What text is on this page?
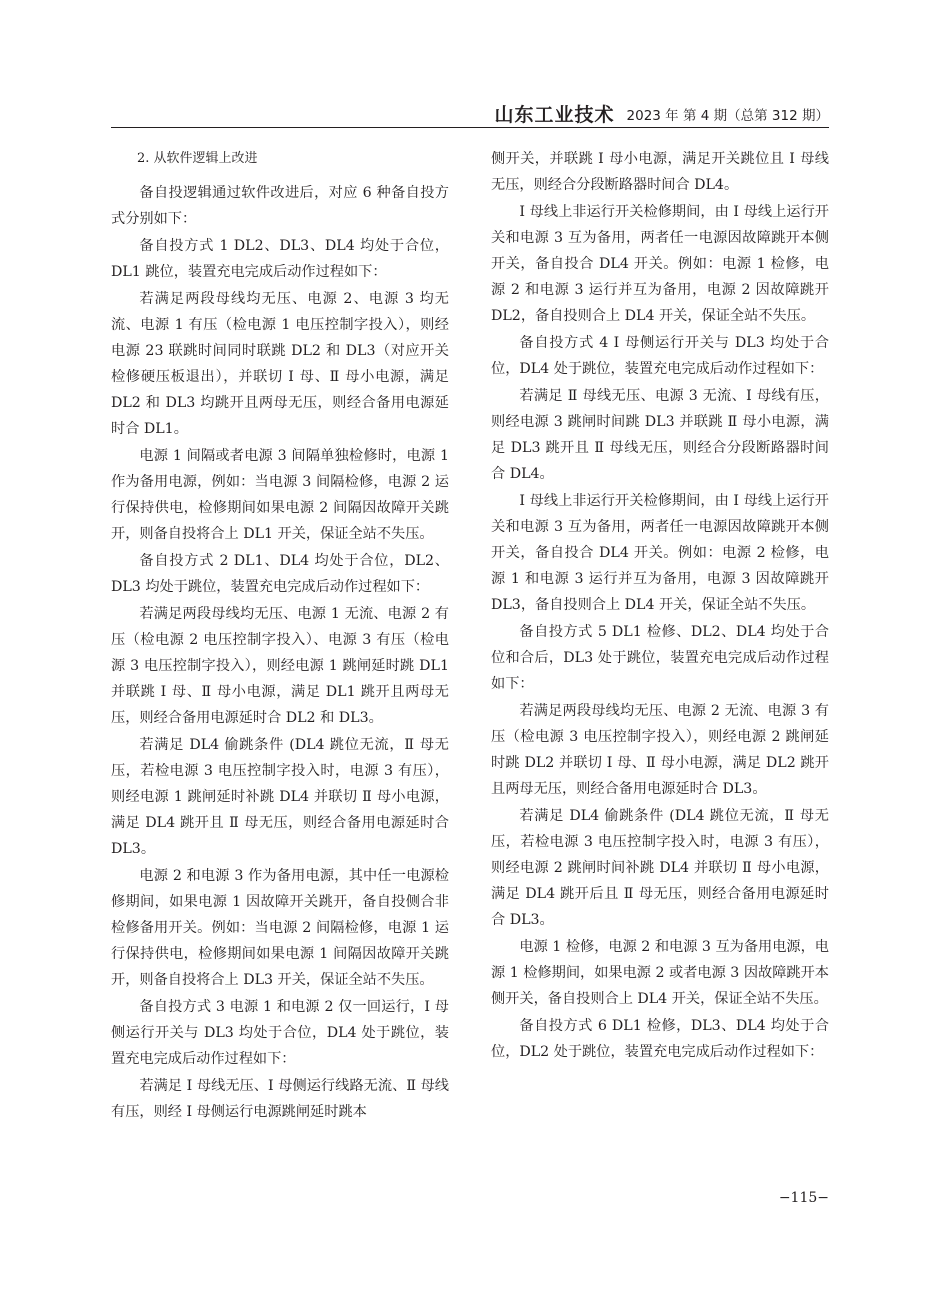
山东工业技术 2023 年 第 4 期（总第 312 期）

2. 从软件逻辑上改进

备自投逻辑通过软件改进后，对应 6 种备自投方式分别如下：

备自投方式 1 DL2、DL3、DL4 均处于合位，DL1 跳位，装置充电完成后动作过程如下：

若满足两段母线均无压、电源 2、电源 3 均无流、电源 1 有压（检电源 1 电压控制字投入），则经电源 23 联跳时间同时联跳 DL2 和 DL3（对应开关检修硬压板退出），并联切 Ⅰ 母、Ⅱ 母小电源，满足 DL2 和 DL3 均跳开且两母无压，则经合备用电源延时合 DL1。

电源 1 间隔或者电源 3 间隔单独检修时，电源 1 作为备用电源，例如：当电源 3 间隔检修，电源 2 运行保持供电，检修期间如果电源 2 间隔因故障开关跳开，则备自投将合上 DL1 开关，保证全站不失压。

备自投方式 2 DL1、DL4 均处于合位，DL2、DL3 均处于跳位，装置充电完成后动作过程如下：

若满足两段母线均无压、电源 1 无流、电源 2 有压（检电源 2 电压控制字投入）、电源 3 有压（检电源 3 电压控制字投入），则经电源 1 跳闸延时跳 DL1 并联跳 Ⅰ 母、Ⅱ 母小电源，满足 DL1 跳开且两母无压，则经合备用电源延时合 DL2 和 DL3。

若满足 DL4 偷跳条件 (DL4 跳位无流，Ⅱ 母无压，若检电源 3 电压控制字投入时，电源 3 有压），则经电源 1 跳闸延时补跳 DL4 并联切 Ⅱ 母小电源，满足 DL4 跳开且 Ⅱ 母无压，则经合备用电源延时合 DL3。

电源 2 和电源 3 作为备用电源，其中任一电源检修期间，如果电源 1 因故障开关跳开，备自投侧合非检修备用开关。例如：当电源 2 间隔检修，电源 1 运行保持供电，检修期间如果电源 1 间隔因故障开关跳开，则备自投将合上 DL3 开关，保证全站不失压。

备自投方式 3 电源 1 和电源 2 仅一回运行，Ⅰ 母侧运行开关与 DL3 均处于合位，DL4 处于跳位，装置充电完成后动作过程如下：

若满足 Ⅰ 母线无压、Ⅰ 母侧运行线路无流、Ⅱ 母线有压，则经 Ⅰ 母侧运行电源跳闸延时跳本

侧开关，并联跳 Ⅰ 母小电源，满足开关跳位且 Ⅰ 母线无压，则经合分段断路器时间合 DL4。

Ⅰ 母线上非运行开关检修期间，由 Ⅰ 母线上运行开关和电源 3 互为备用，两者任一电源因故障跳开本侧开关，备自投合 DL4 开关。例如：电源 1 检修，电源 2 和电源 3 运行并互为备用，电源 2 因故障跳开 DL2，备自投则合上 DL4 开关，保证全站不失压。

备自投方式 4 Ⅰ 母侧运行开关与 DL3 均处于合位，DL4 处于跳位，装置充电完成后动作过程如下：

若满足 Ⅱ 母线无压、电源 3 无流、Ⅰ 母线有压，则经电源 3 跳闸时间跳 DL3 并联跳 Ⅱ 母小电源，满足 DL3 跳开且 Ⅱ 母线无压，则经合分段断路器时间合 DL4。

Ⅰ 母线上非运行开关检修期间，由 Ⅰ 母线上运行开关和电源 3 互为备用，两者任一电源因故障跳开本侧开关，备自投合 DL4 开关。例如：电源 2 检修，电源 1 和电源 3 运行并互为备用，电源 3 因故障跳开 DL3，备自投则合上 DL4 开关，保证全站不失压。

备自投方式 5 DL1 检修、DL2、DL4 均处于合位和合后，DL3 处于跳位，装置充电完成后动作过程如下：

若满足两段母线均无压、电源 2 无流、电源 3 有压（检电源 3 电压控制字投入），则经电源 2 跳闸延时跳 DL2 并联切 Ⅰ 母、Ⅱ 母小电源，满足 DL2 跳开且两母无压，则经合备用电源延时合 DL3。

若满足 DL4 偷跳条件 (DL4 跳位无流，Ⅱ 母无压，若检电源 3 电压控制字投入时，电源 3 有压），则经电源 2 跳闸时间补跳 DL4 并联切 Ⅱ 母小电源，满足 DL4 跳开后且 Ⅱ 母无压，则经合备用电源延时合 DL3。

电源 1 检修，电源 2 和电源 3 互为备用电源，电源 1 检修期间，如果电源 2 或者电源 3 因故障跳开本侧开关，备自投则合上 DL4 开关，保证全站不失压。

备自投方式 6 DL1 检修，DL3、DL4 均处于合位，DL2 处于跳位，装置充电完成后动作过程如下：

−115−
